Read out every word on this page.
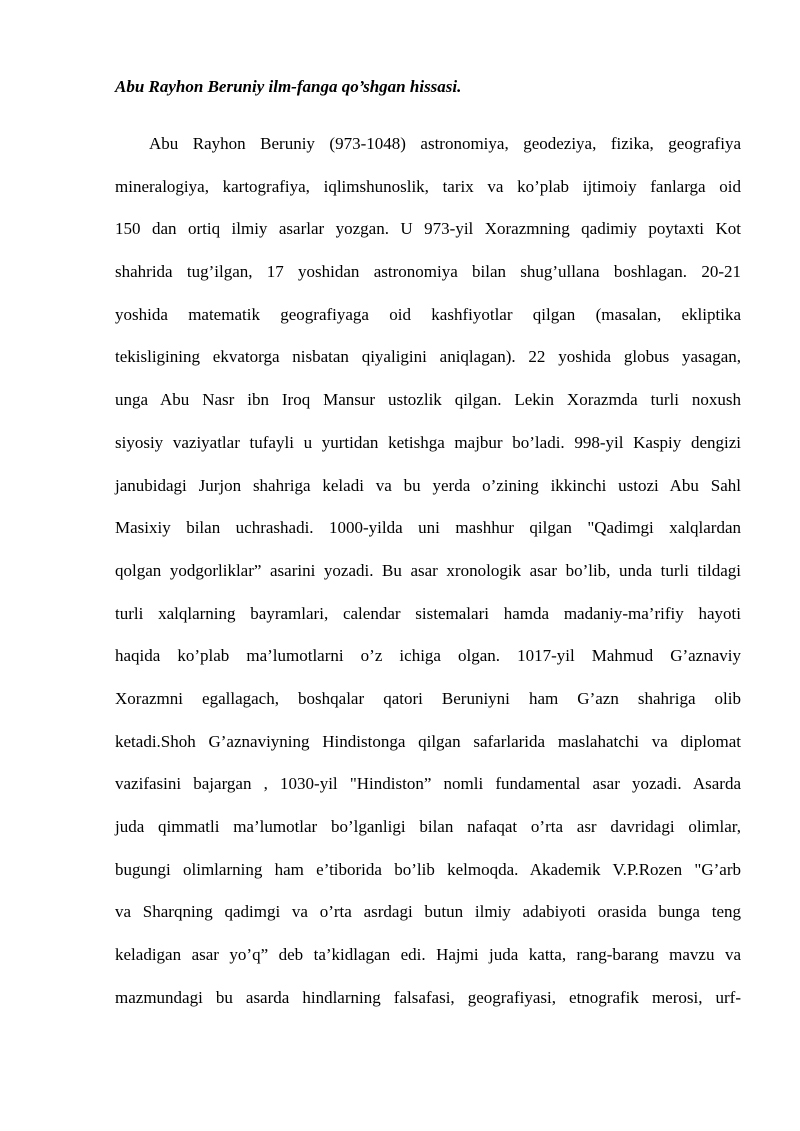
Abu Rayhon Beruniy ilm-fanga qo’shgan hissasi.

Abu Rayhon Beruniy (973-1048) astronomiya, geodeziya, fizika, geografiya
mineralogiya, kartografiya, iqlimshunoslik, tarix va ko’plab ijtimoiy fanlarga oid
150 dan ortiq ilmiy asarlar yozgan. U 973-yil Xorazmning qadimiy poytaxti Kot
shahrida tug’ilgan, 17 yoshidan astronomiya bilan shug’ullana boshlagan. 20-21
yoshida matematik geografiyaga oid kashfiyotlar qilgan (masalan, ekliptika
tekisligining ekvatorga nisbatan qiyaligini aniqlagan). 22 yoshida globus yasagan,
unga Abu Nasr ibn Iroq Mansur ustozlik qilgan. Lekin Xorazmda turli noxush
siyosiy vaziyatlar tufayli u yurtidan ketishga majbur bo’ladi. 998-yil Kaspiy dengizi
janubidagi Jurjon shahriga keladi va bu yerda o’zining ikkinchi ustozi Abu Sahl
Masixiy bilan uchrashadi. 1000-yilda uni mashhur qilgan "Qadimgi xalqlardan
qolgan yodgorliklar” asarini yozadi. Bu asar xronologik asar bo’lib, unda turli tildagi
turli xalqlarning bayramlari, calendar sistemalari hamda madaniy-ma’rifiy hayoti
haqida ko’plab ma’lumotlarni o’z ichiga olgan. 1017-yil Mahmud G’aznaviy
Xorazmni egallagach, boshqalar qatori Beruniyni ham G’azn shahriga olib
ketadi.Shoh G’aznaviyning Hindistonga qilgan safarlarida maslahatchi va diplomat
vazifasini bajargan , 1030-yil "Hindiston” nomli fundamental asar yozadi. Asarda
juda qimmatli ma’lumotlar bo’lganligi bilan nafaqat o’rta asr davridagi olimlar,
bugungi olimlarning ham e’tiborida bo’lib kelmoqda. Akademik V.P.Rozen "G’arb
va Sharqning qadimgi va o’rta asrdagi butun ilmiy adabiyoti orasida bunga teng
keladigan asar yo’q” deb ta’kidlagan edi. Hajmi juda katta, rang-barang mavzu va
mazmundagi bu asarda hindlarning falsafasi, geografiyasi, etnografik merosi, urf-
